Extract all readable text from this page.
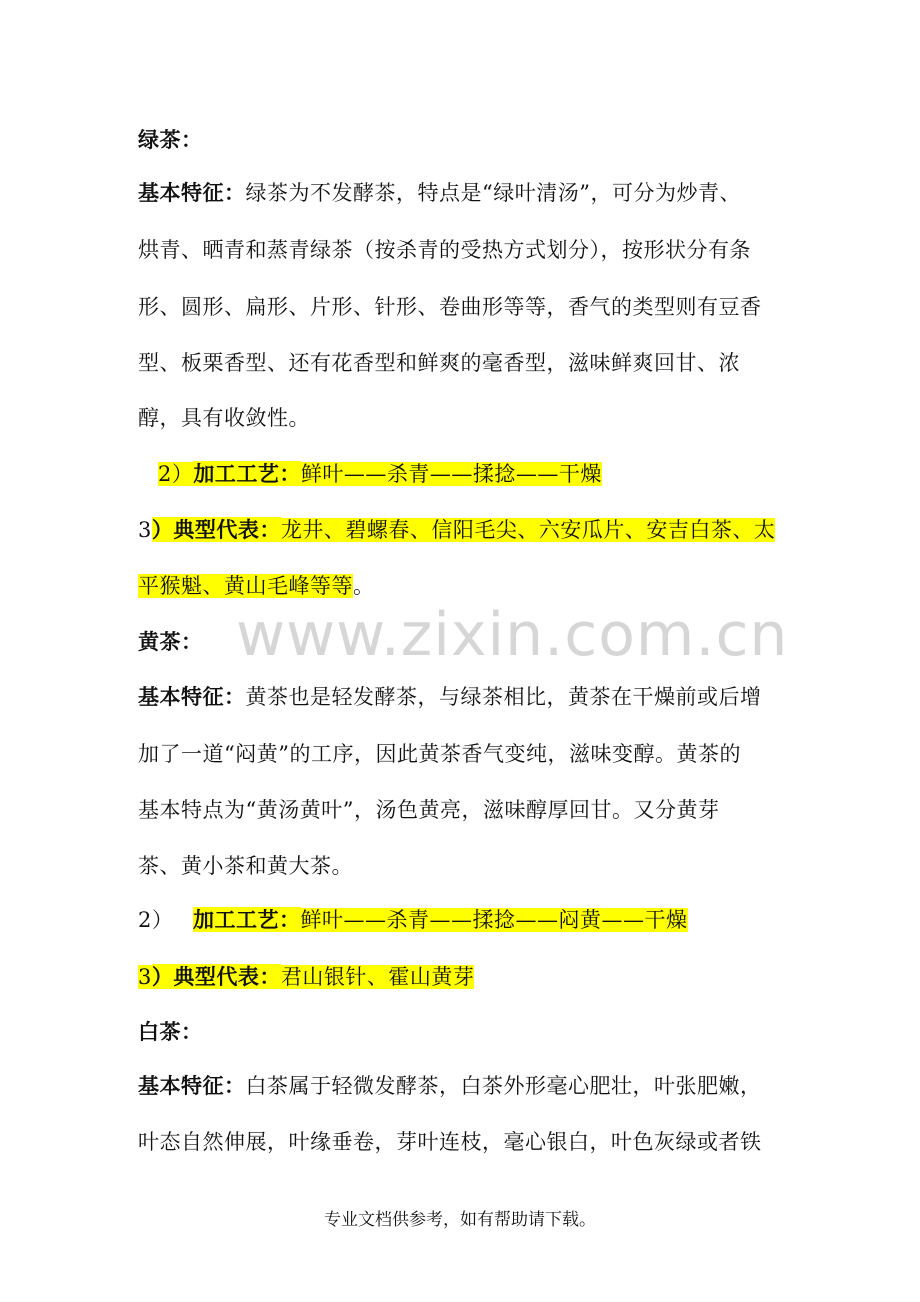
绿茶：
基本特征：绿茶为不发酵茶，特点是“绿叶清汤”，可分为炒青、
烘青、晒青和蒸青绿茶（按杀青的受热方式划分），按形状分有条
形、圆形、扁形、片形、针形、卷曲形等等，香气的类型则有豆香
型、板栗香型、还有花香型和鲜爽的毫香型，滋味鲜爽回甘、浓
醇，具有收敛性。
2）加工工艺：鲜叶——杀青——揉捻——干燥
3）典型代表：龙井、碧螺春、信阳毛尖、六安瓜片、安吉白茶、太
平猴魁、黄山毛峰等等。
黄茶：
基本特征：黄茶也是轻发酵茶，与绿茶相比，黄茶在干燥前或后增
加了一道“闷黄”的工序，因此黄茶香气变纯，滋味变醇。黄茶的
基本特点为“黄汤黄叶”，汤色黄亮，滋味醇厚回甘。又分黄芽
茶、黄小茶和黄大茶。
2） 加工工艺：鲜叶——杀青——揉捻——闷黄——干燥
3）典型代表：君山银针、霍山黄芽
白茶：
基本特征：白茶属于轻微发酵茶，白茶外形毫心肥壮，叶张肥嫩，
叶态自然伸展，叶缘垂卷，芽叶连枝，毫心银白，叶色灰绿或者铁
www.zixin.com.cn
专业文档供参考，如有帮助请下载。
